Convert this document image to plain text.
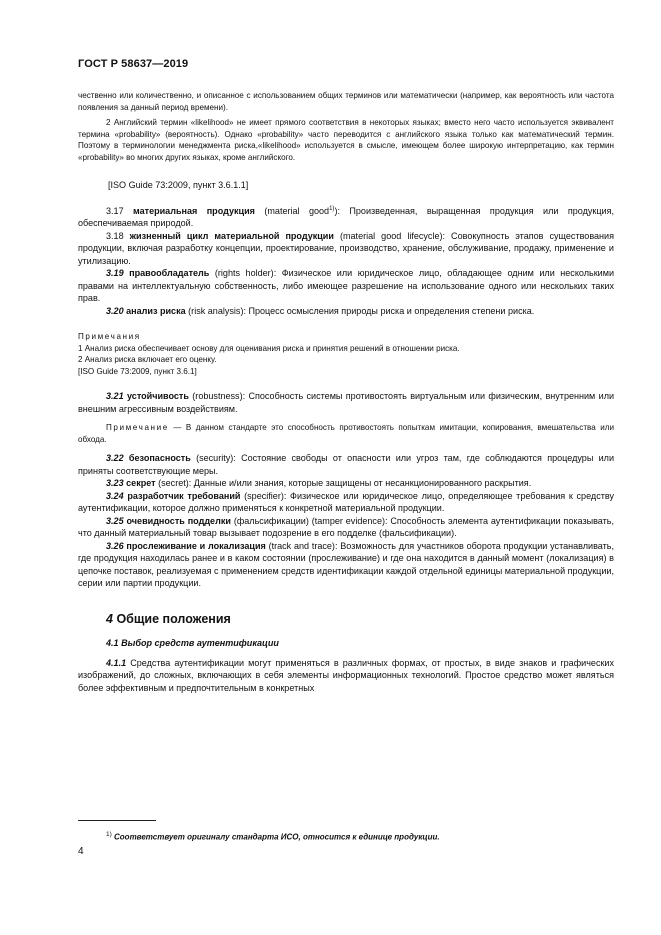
ГОСТ Р 58637—2019

чественно или количественно, и описанное с использованием общих терминов или математически (например, как вероятность или частота появления за данный период времени).

2 Английский термин «likelihood» не имеет прямого соответствия в некоторых языках; вместо него часто используется эквивалент термина «probability» (вероятность). Однако «probability» часто переводится с английского языка только как математический термин. Поэтому в терминологии менеджмента риска,«likelihood» используется в смысле, имеющем более широкую интерпретацию, как термин «probability» во многих других языках, кроме английского.

[ISO Guide 73:2009, пункт 3.6.1.1]

3.17 материальная продукция (material good$^{1)}$): Произведенная, выращенная продукция или продукция, обеспечиваемая природой.

3.18 жизненный цикл материальной продукции (material good lifecycle): Совокупность этапов существования продукции, включая разработку концепции, проектирование, производство, хранение, обслуживание, продажу, применение и утилизацию.

3.19 правообладатель (rights holder): Физическое или юридическое лицо, обладающее одним или несколькими правами на интеллектуальную собственность, либо имеющее разрешение на использование одного или нескольких таких прав.

3.20 анализ риска (risk analysis): Процесс осмысления природы риска и определения степени риска.

Примечания

1 Анализ риска обеспечивает основу для оценивания риска и принятия решений в отношении риска.

2 Анализ риска включает его оценку.

[ISO Guide 73:2009, пункт 3.6.1]

3.21 устойчивость (robustness): Способность системы противостоять виртуальным или физическим, внутренним или внешним агрессивным воздействиям.

Примечание — В данном стандарте это способность противостоять попыткам имитации, копирования, вмешательства или обхода.

3.22 безопасность (security): Состояние свободы от опасности или угроз там, где соблюдаются процедуры или приняты соответствующие меры.

3.23 секрет (secret): Данные и/или знания, которые защищены от несанкционированного раскрытия.

3.24 разработчик требований (specifier): Физическое или юридическое лицо, определяющее требования к средству аутентификации, которое должно применяться к конкретной материальной продукции.

3.25 очевидность подделки (фальсификации) (tamper evidence): Способность элемента аутентификации показывать, что данный материальный товар вызывает подозрение в его подделке (фальсификации).

3.26 прослеживание и локализация (track and trace): Возможность для участников оборота продукции устанавливать, где продукция находилась ранее и в каком состоянии (прослеживание) и где она находится в данный момент (локализация) в цепочке поставок, реализуемая с применением средств идентификации каждой отдельной единицы материальной продукции, серии или партии продукции.

4 Общие положения

4.1 Выбор средств аутентификации

4.1.1 Средства аутентификации могут применяться в различных формах, от простых, в виде знаков и графических изображений, до сложных, включающих в себя элементы информационных технологий. Простое средство может являться более эффективным и предпочтительным в конкретных

$^{1)}$ Соответствует оригиналу стандарта ИСО, относится к единице продукции.
4
